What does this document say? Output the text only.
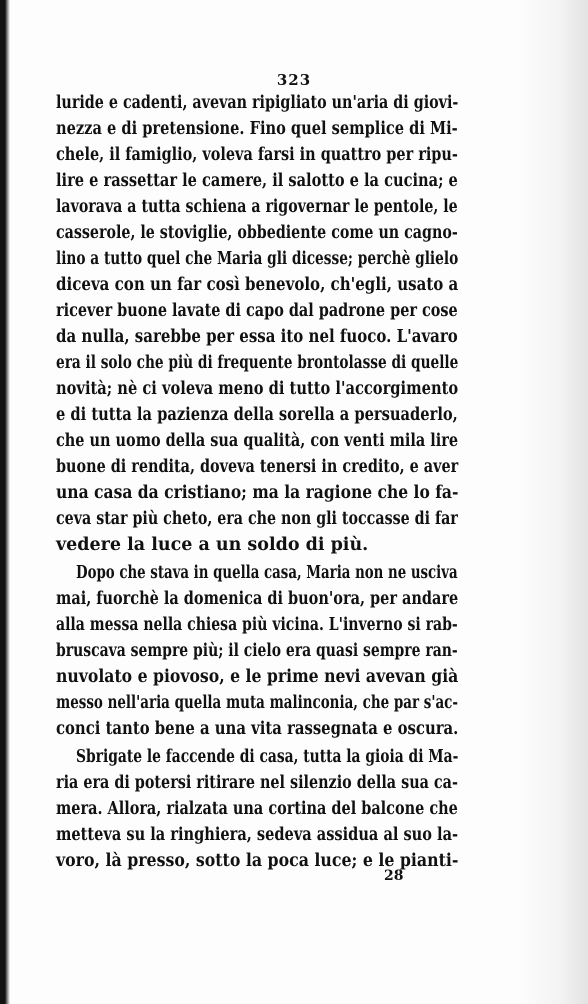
323
luride e cadenti, avevan ripigliato un'aria di giovi-
nezza e di pretensione. Fino quel semplice di Mi-
chele, il famiglio, voleva farsi in quattro per ripu-
lire e rassettar le camere, il salotto e la cucina; e
lavorava a tutta schiena a rigovernar le pentole, le
casserole, le stoviglie, obbediente come un cagno-
lino a tutto quel che Maria gli dicesse; perchè glielo
diceva con un far così benevolo, ch'egli, usato a
ricever buone lavate di capo dal padrone per cose
da nulla, sarebbe per essa ito nel fuoco. L'avaro
era il solo che più di frequente brontolasse di quelle
novità; nè ci voleva meno di tutto l'accorgimento
e di tutta la pazienza della sorella a persuaderlo,
che un uomo della sua qualità, con venti mila lire
buone di rendita, doveva tenersi in credito, e aver
una casa da cristiano; ma la ragione che lo fa-
ceva star più cheto, era che non gli toccasse di far
vedere la luce a un soldo di più.
Dopo che stava in quella casa, Maria non ne usciva
mai, fuorchè la domenica di buon'ora, per andare
alla messa nella chiesa più vicina. L'inverno si rab-
bruscava sempre più; il cielo era quasi sempre ran-
nuvolato e piovoso, e le prime nevi avevan già
messo nell'aria quella muta malinconia, che par s'ac-
conci tanto bene a una vita rassegnata e oscura.
Sbrigate le faccende di casa, tutta la gioia di Ma-
ria era di potersi ritirare nel silenzio della sua ca-
mera. Allora, rialzata una cortina del balcone che
metteva su la ringhiera, sedeva assidua al suo la-
voro, là presso, sotto la poca luce; e le pianti-
28
